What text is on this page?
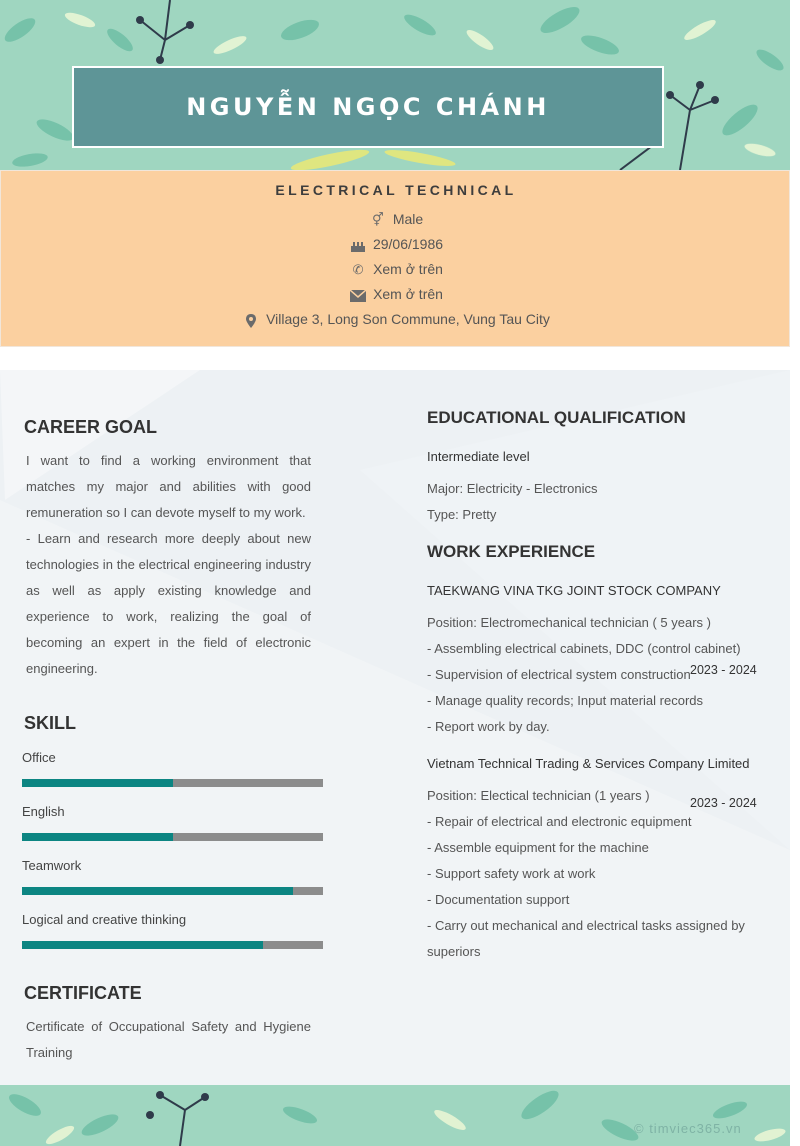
NGUYỄN NGỌC CHÁNH
ELECTRICAL TECHNICAL
⚥ Male
29/06/1986
✆ Xem ở trên
Xem ở trên
Village 3, Long Son Commune, Vung Tau City
CAREER GOAL
I want to find a working environment that matches my major and abilities with good remuneration so I can devote myself to my work.
- Learn and research more deeply about new technologies in the electrical engineering industry as well as apply existing knowledge and experience to work, realizing the goal of becoming an expert in the field of electronic engineering.
SKILL
Office
English
Teamwork
Logical and creative thinking
CERTIFICATE
Certificate of Occupational Safety and Hygiene Training
EDUCATIONAL QUALIFICATION
Intermediate level
Major: Electricity - Electronics
Type: Pretty
WORK EXPERIENCE
TAEKWANG VINA TKG JOINT STOCK COMPANY
2023 - 2024
Position: Electromechanical technician ( 5 years )
- Assembling electrical cabinets, DDC (control cabinet)
- Supervision of electrical system construction
- Manage quality records; Input material records
- Report work by day.
Vietnam Technical Trading & Services Company Limited
2023 - 2024
Position: Electical technician (1 years )
- Repair of electrical and electronic equipment
- Assemble equipment for the machine
- Support safety work at work
- Documentation support
- Carry out mechanical and electrical tasks assigned by superiors
© timviec365.vn
